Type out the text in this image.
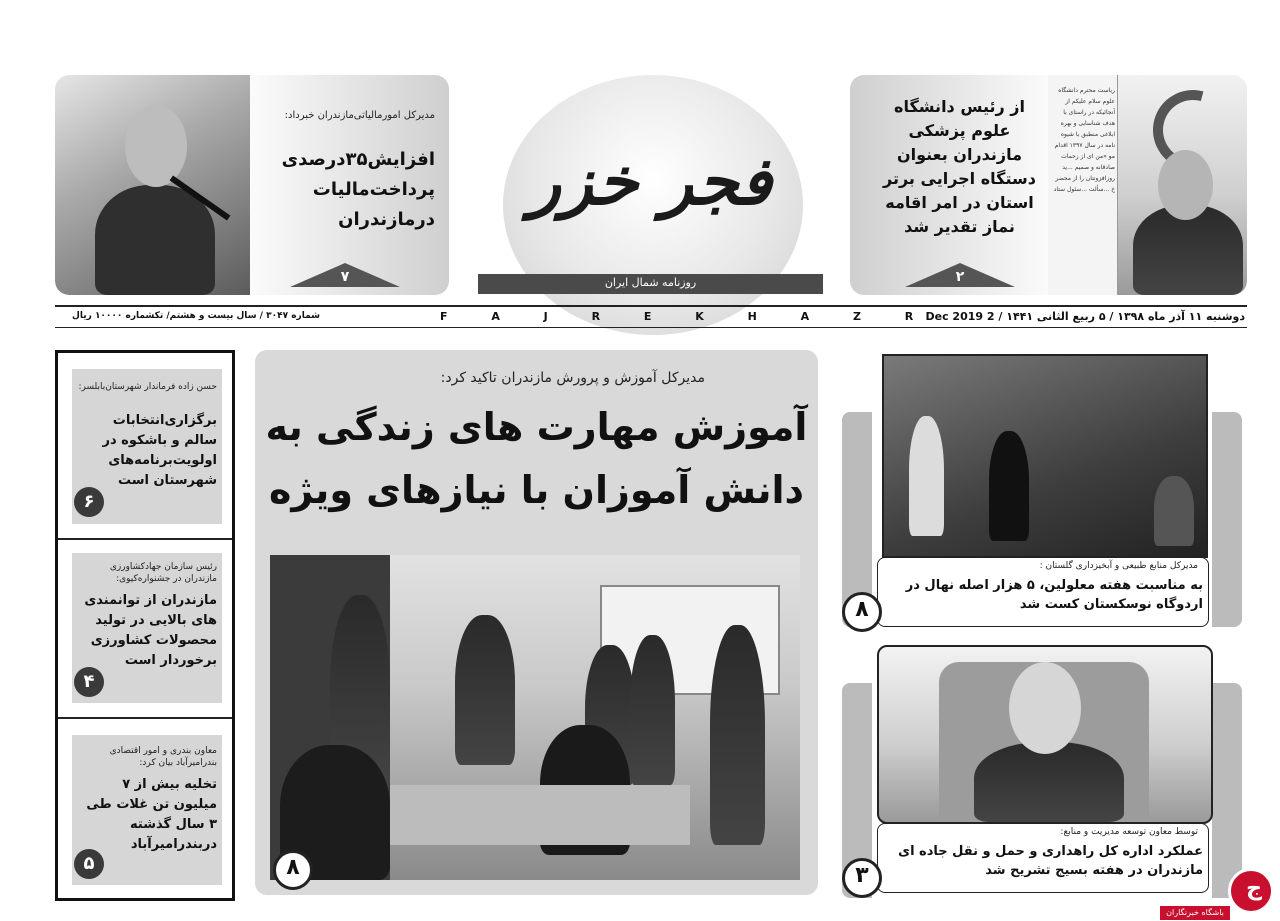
مدیرکل امورمالیاتی‌مازندران خبرداد:
افزایش۳۵درصدی پرداخت‌مالیات درمازندران
۷
فجر خزر
روزنامه شمال ایران
ریاست محترم دانشگاه علوم سلام علیکم از آنجائیکه در راستای با هدف شناسایی و بهره ابلاغی منطبق با شیوه نامه در سال ۱۳۹۷ اقدام مو «من ای از زحمات صادقانه و صمیم ...ید روزافزونتان را از محضر خ ...سألت ...سئول ستاد
از رئیس دانشگاه علوم پزشکی مازندران بعنوان دستگاه اجرایی برتر استان در امر اقامه نماز تقدیر شد
۲
دوشنبه ۱۱ آذر ماه ۱۳۹۸ / ۵ ربیع الثانی ۱۴۴۱ / 2 Dec 2019
F A J R E K H A Z R
شماره ۳۰۴۷ / سال بیست و هشتم/ تکشماره ۱۰۰۰۰ ریال
حسن زاده فرماندار شهرستان‌بابلسر:
برگزاری‌انتخابات سالم و باشکوه در اولویت‌برنامه‌های شهرستان است
۶
رئیس سازمان جهادکشاورزی مازندران در جشنواره‌کیوی:
مازندران از توانمندی های بالایی در تولید محصولات کشاورزی برخوردار است
۴
معاون بندری و امور اقتصادی بندرامیرآباد بیان کرد:
تخلیه بیش از ۷ میلیون تن غلات طی ۳ سال گذشته دربندرامیرآباد
۵
مدیرکل آموزش و پرورش مازندران تاکید کرد:
آموزش مهارت های زندگی به
دانش آموزان با نیازهای ویژه
۸
مدیرکل منابع طبیعی و آبخیزداری گلستان :
به مناسبت هفته معلولین، ۵ هزار اصله نهال در اردوگاه نوسکستان کست شد
۸
توسط معاون توسعه مدیریت و منابع:
عملکرد اداره کل راهداری و حمل و نقل جاده ای مازندران در هفته بسیج تشریح شد
۳
ج
باشگاه خبرنگاران
